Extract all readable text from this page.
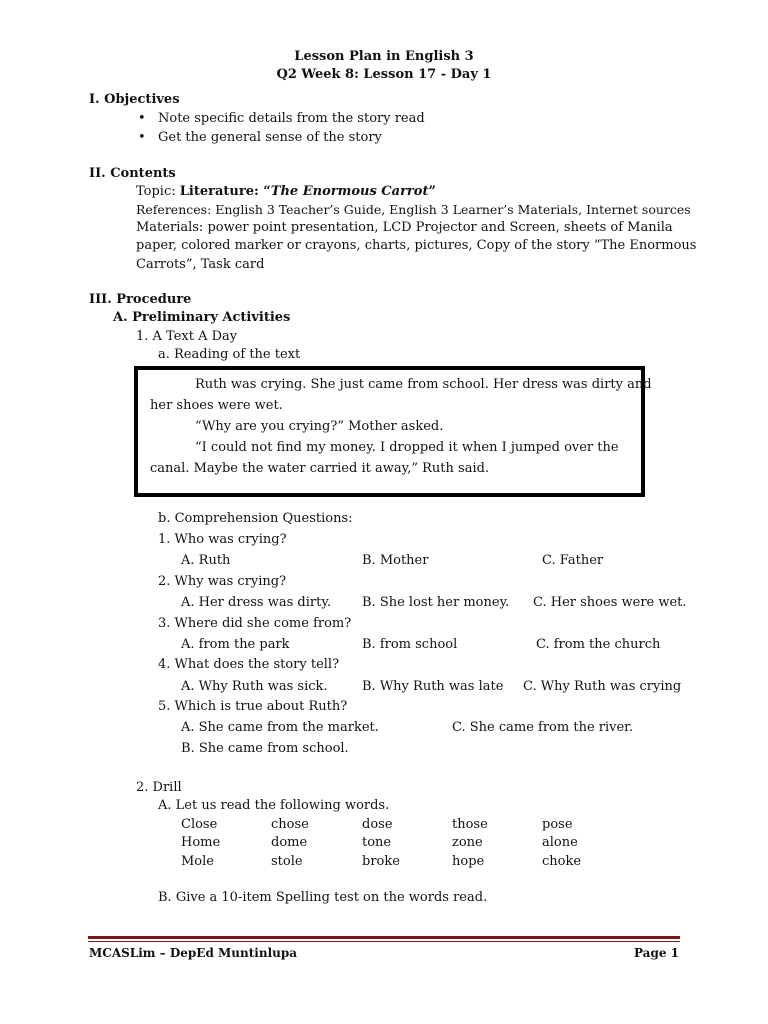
Lesson Plan in English 3
Q2 Week 8: Lesson 17 - Day 1
I. Objectives
• Note specific details from the story read
• Get the general sense of the story
II. Contents
Topic: Literature: “The Enormous Carrot”
References: English 3 Teacher’s Guide, English 3 Learner’s Materials, Internet sources
Materials: power point presentation, LCD Projector and Screen, sheets of Manila
paper, colored marker or crayons, charts, pictures, Copy of the story “The Enormous
Carrots”, Task card
III. Procedure
A. Preliminary Activities
1. A Text A Day
a. Reading of the text
Ruth was crying. She just came from school. Her dress was dirty and
her shoes were wet.
“Why are you crying?” Mother asked.
“I could not find my money. I dropped it when I jumped over the
canal. Maybe the water carried it away,” Ruth said.
b. Comprehension Questions:
1. Who was crying?
A. Ruth	B. Mother	C. Father
2. Why was crying?
A. Her dress was dirty. B. She lost her money. C. Her shoes were wet.
3. Where did she come from?
A. from the park	B. from school	C. from the church
4. What does the story tell?
A. Why Ruth was sick.	B. Why Ruth was late C. Why Ruth was crying
5. Which is true about Ruth?
A. She came from the market.	C. She came from the river.
B. She came from school.
2. Drill
A. Let us read the following words.
Close	chose	dose	those	pose
Home	dome	tone	zone	alone
Mole	stole	broke	hope	choke
B. Give a 10-item Spelling test on the words read.
MCASLim – DepEd Muntinlupa	Page 1
